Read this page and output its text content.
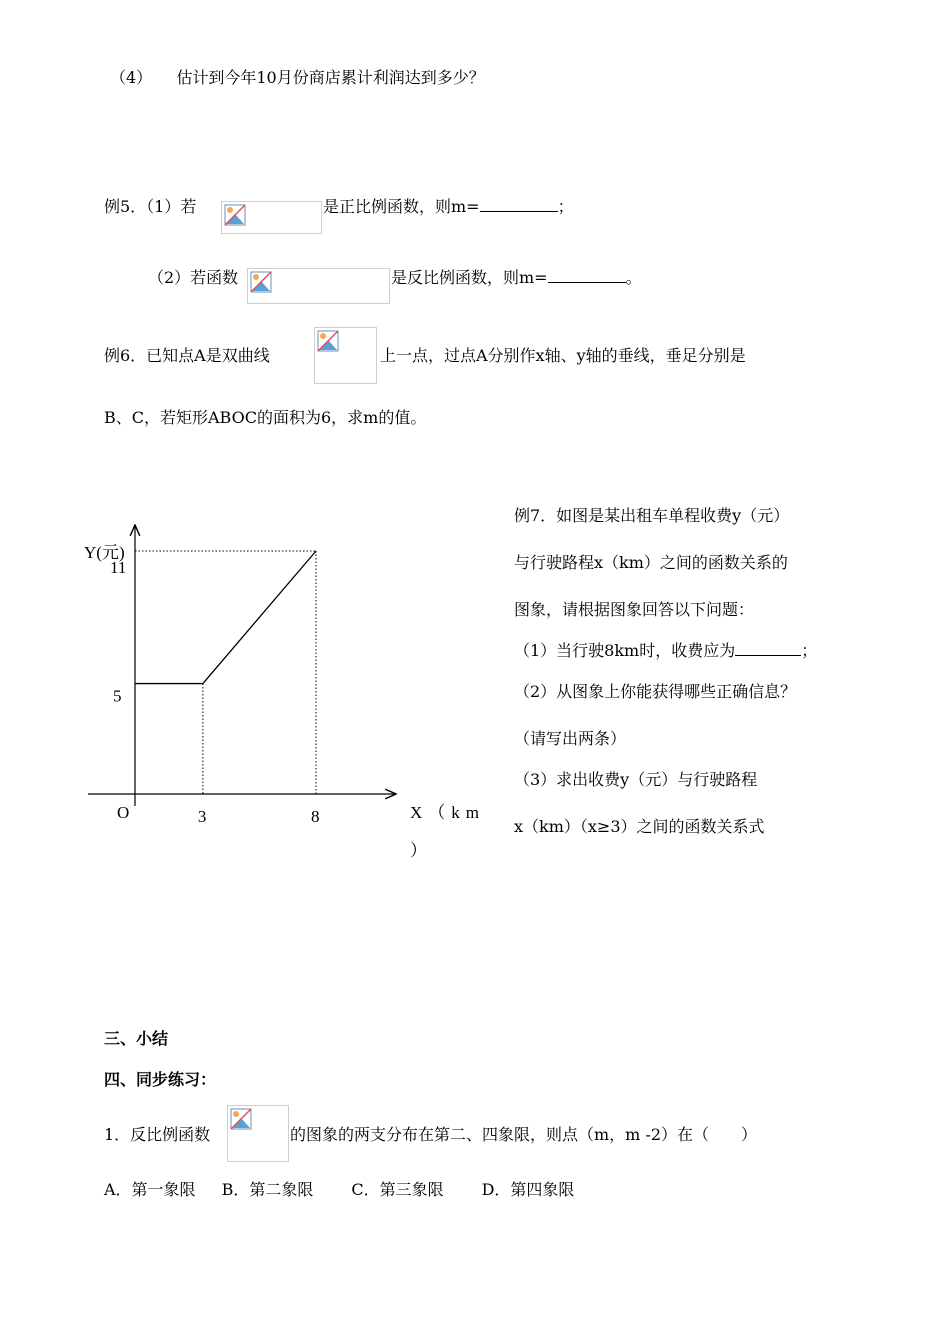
（4） 估计到今年10月份商店累计利润达到多少？
例5．（1）若	是正比例函数，则m=	；
（2）若函数	是反比例函数，则m=	。
例6．已知点A是双曲线	上一点，过点A分别作x轴、y轴的垂线，垂足分别是
B、C，若矩形ABOC的面积为6，求m的值。
Y(元)
O	X（km
）
3	8
5
11
例7．如图是某出租车单程收费y（元）
与行驶路程x（km）之间的函数关系的
图象，请根据图象回答以下问题：
（1）当行驶8km时，收费应为	；
（2）从图象上你能获得哪些正确信息？
（请写出两条）
（3）求出收费y（元）与行驶路程
x（km）（x≥3）之间的函数关系式
三、小结
四、同步练习：
1．反比例函数	的图象的两支分布在第二、四象限，则点（m，m -2）在（　　）
A．第一象限 B．第二象限 C．第三象限 D．第四象限
